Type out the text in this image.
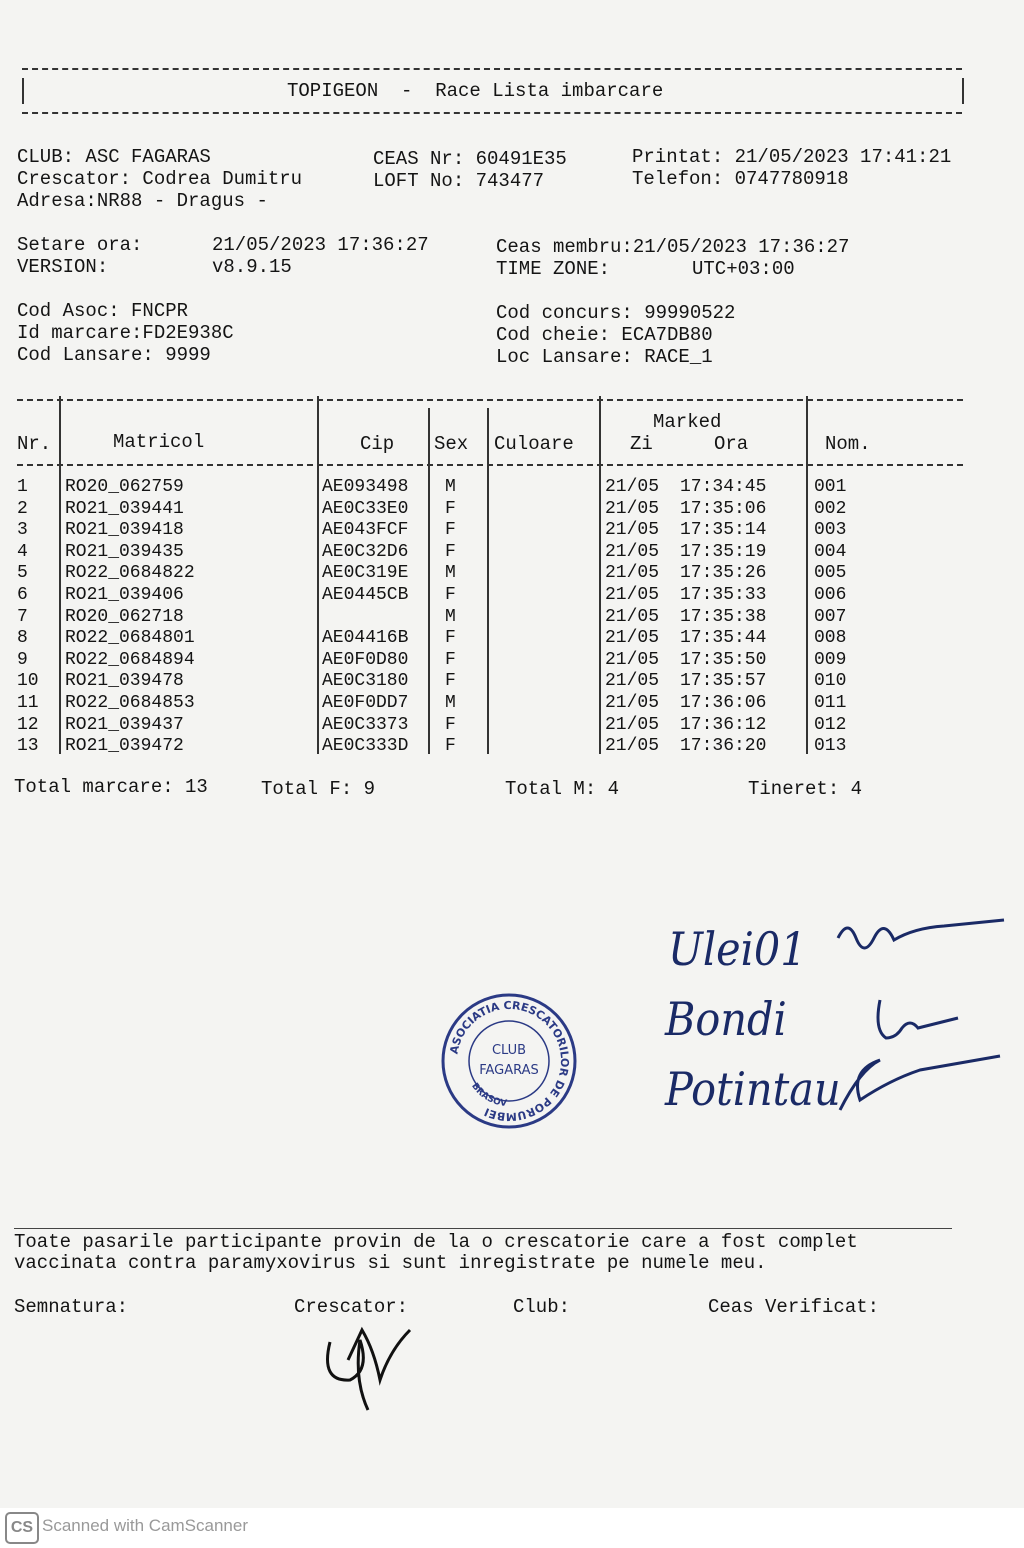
TOPIGEON  -  Race Lista imbarcare
CLUB: ASC FAGARAS
Crescator: Codrea Dumitru
Adresa:NR88 - Dragus -
CEAS Nr: 60491E35
LOFT No: 743477
Printat: 21/05/2023 17:41:21
Telefon: 0747780918
Setare ora:	21/05/2023 17:36:27
VERSION:	v8.9.15
Ceas membru:21/05/2023 17:36:27
TIME ZONE:	UTC+03:00
Cod Asoc: FNCPR
Id marcare:FD2E938C
Cod Lansare: 9999
Cod concurs: 99990522
Cod cheie: ECA7DB80
Loc Lansare: RACE_1
Marked
Nr.	Matricol	Cip Sex Culoare	Zi	Ora	Nom.
1 RO20_062759	AE093498 M	21/05 17:34:45	001
2 RO21_039441	AE0C33E0 F	21/05 17:35:06	002
3 RO21_039418	AE043FCF F	21/05 17:35:14	003
4 RO21_039435	AE0C32D6 F	21/05 17:35:19	004
5 RO22_0684822	AE0C319E M	21/05 17:35:26	005
6 RO21_039406	AE0445CB F	21/05 17:35:33	006
7 RO20_062718	M	21/05 17:35:38	007
8 RO22_0684801	AE04416B F	21/05 17:35:44	008
9 RO22_0684894	AE0F0D80 F	21/05 17:35:50	009
10 RO21_039478	AE0C3180 F	21/05 17:35:57	010
11 RO22_0684853	AE0F0DD7 M	21/05 17:36:06	011
12 RO21_039437	AE0C3373 F	21/05 17:36:12	012
13 RO21_039472	AE0C333D F	21/05 17:36:20	013
Total marcare: 13	Total F: 9	Total M: 4	Tineret: 4
Ulei01
Bondi
Potintau
ASOCIATIA CRESCATORILOR DE PORUMBEI
BRASOV
CLUB
FAGARAS
Toate pasarile participante provin de la o crescatorie care a fost complet
vaccinata contra paramyxovirus si sunt inregistrate pe numele meu.
Semnatura:	Crescator:	Club:	Ceas Verificat:
CS Scanned with CamScanner
